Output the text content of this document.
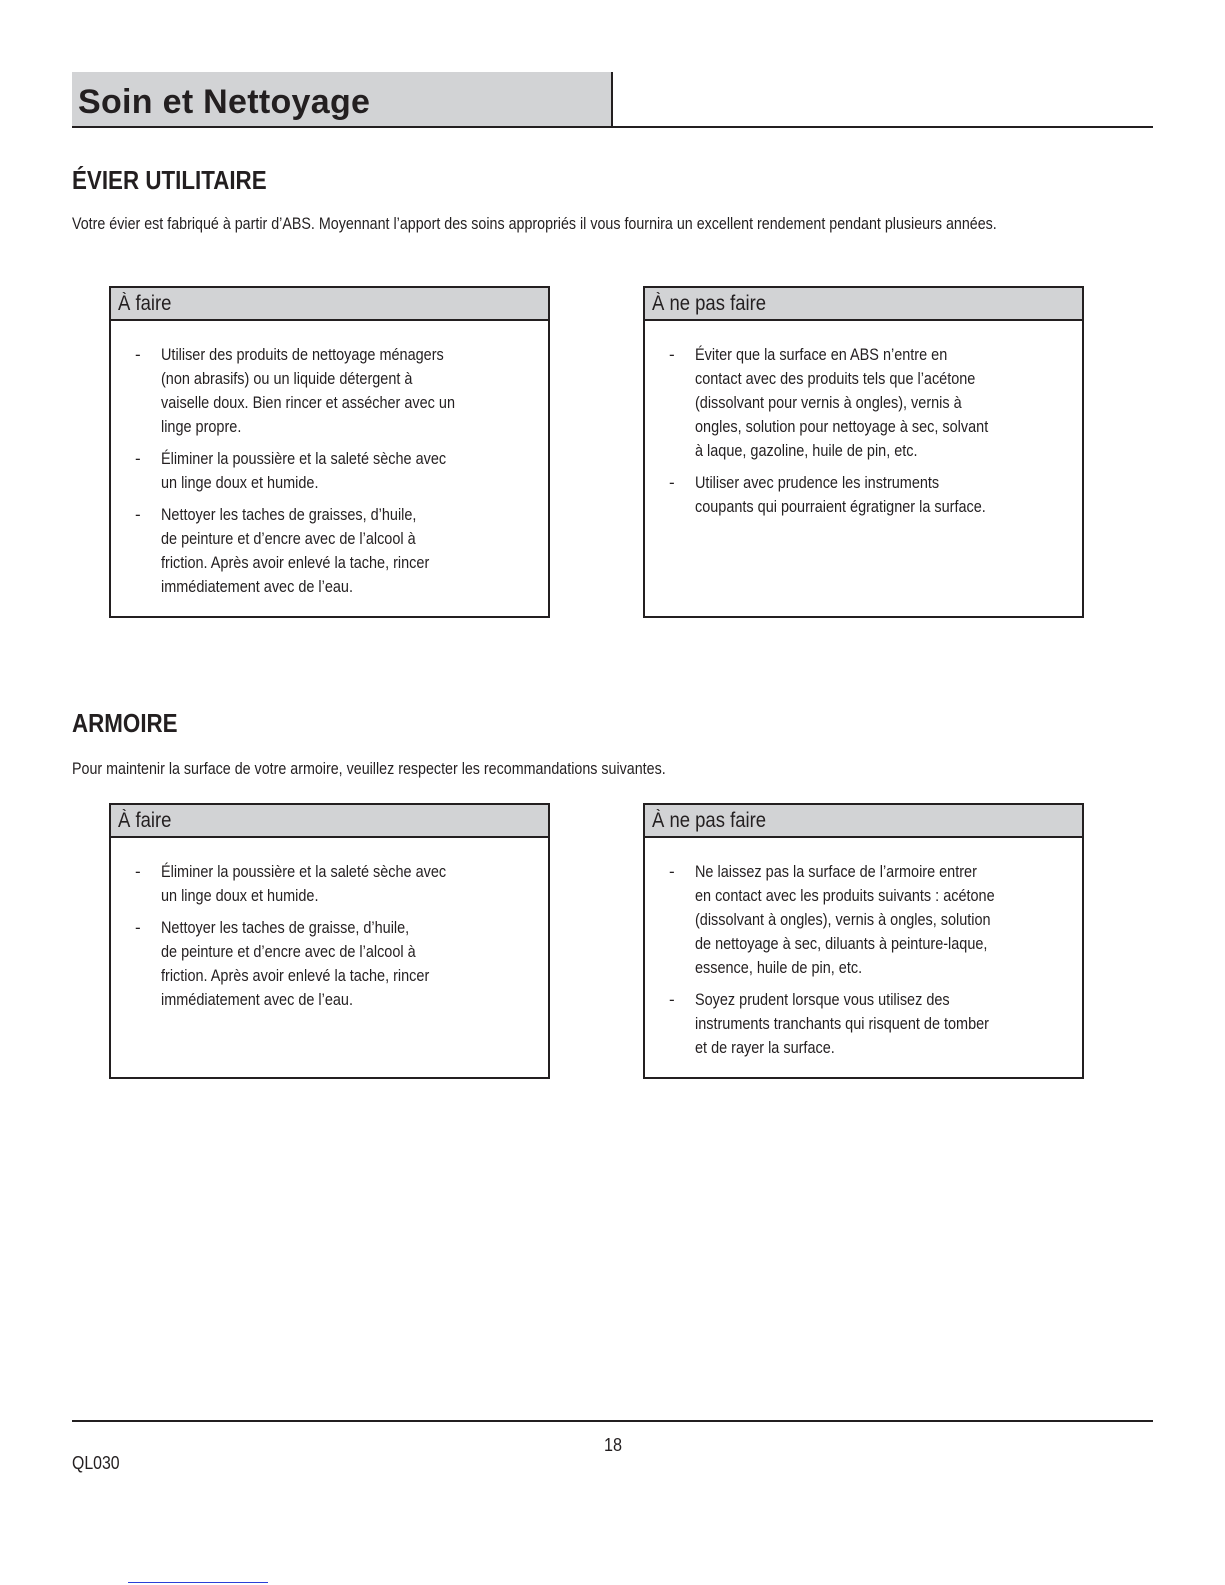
Soin et Nettoyage
ÉVIER UTILITAIRE

Votre évier est fabriqué à partir d’ABS. Moyennant l’apport des soins appropriés il vous fournira un excellent rendement pendant plusieurs années.

À faire
- Utiliser des produits de nettoyage ménagers
(non abrasifs) ou un liquide détergent à
vaiselle doux. Bien rincer et assécher avec un
linge propre.
- Éliminer la poussière et la saleté sèche avec
un linge doux et humide.
- Nettoyer les taches de graisses, d’huile,
de peinture et d’encre avec de l’alcool à
friction. Après avoir enlevé la tache, rincer
immédiatement avec de l’eau.
À ne pas faire
- Éviter que la surface en ABS n’entre en
contact avec des produits tels que l’acétone
(dissolvant pour vernis à ongles), vernis à
ongles, solution pour nettoyage à sec, solvant
à laque, gazoline, huile de pin, etc.
- Utiliser avec prudence les instruments
coupants qui pourraient égratigner la surface.
ARMOIRE

Pour maintenir la surface de votre armoire, veuillez respecter les recommandations suivantes.

À faire
- Éliminer la poussière et la saleté sèche avec
un linge doux et humide.
- Nettoyer les taches de graisse, d’huile,
de peinture et d’encre avec de l’alcool à
friction. Après avoir enlevé la tache, rincer
immédiatement avec de l’eau.
À ne pas faire
- Ne laissez pas la surface de l’armoire entrer
en contact avec les produits suivants : acétone
(dissolvant à ongles), vernis à ongles, solution
de nettoyage à sec, diluants à peinture-laque,
essence, huile de pin, etc.
- Soyez prudent lorsque vous utilisez des
instruments tranchants qui risquent de tomber
et de rayer la surface.
18
QL030
